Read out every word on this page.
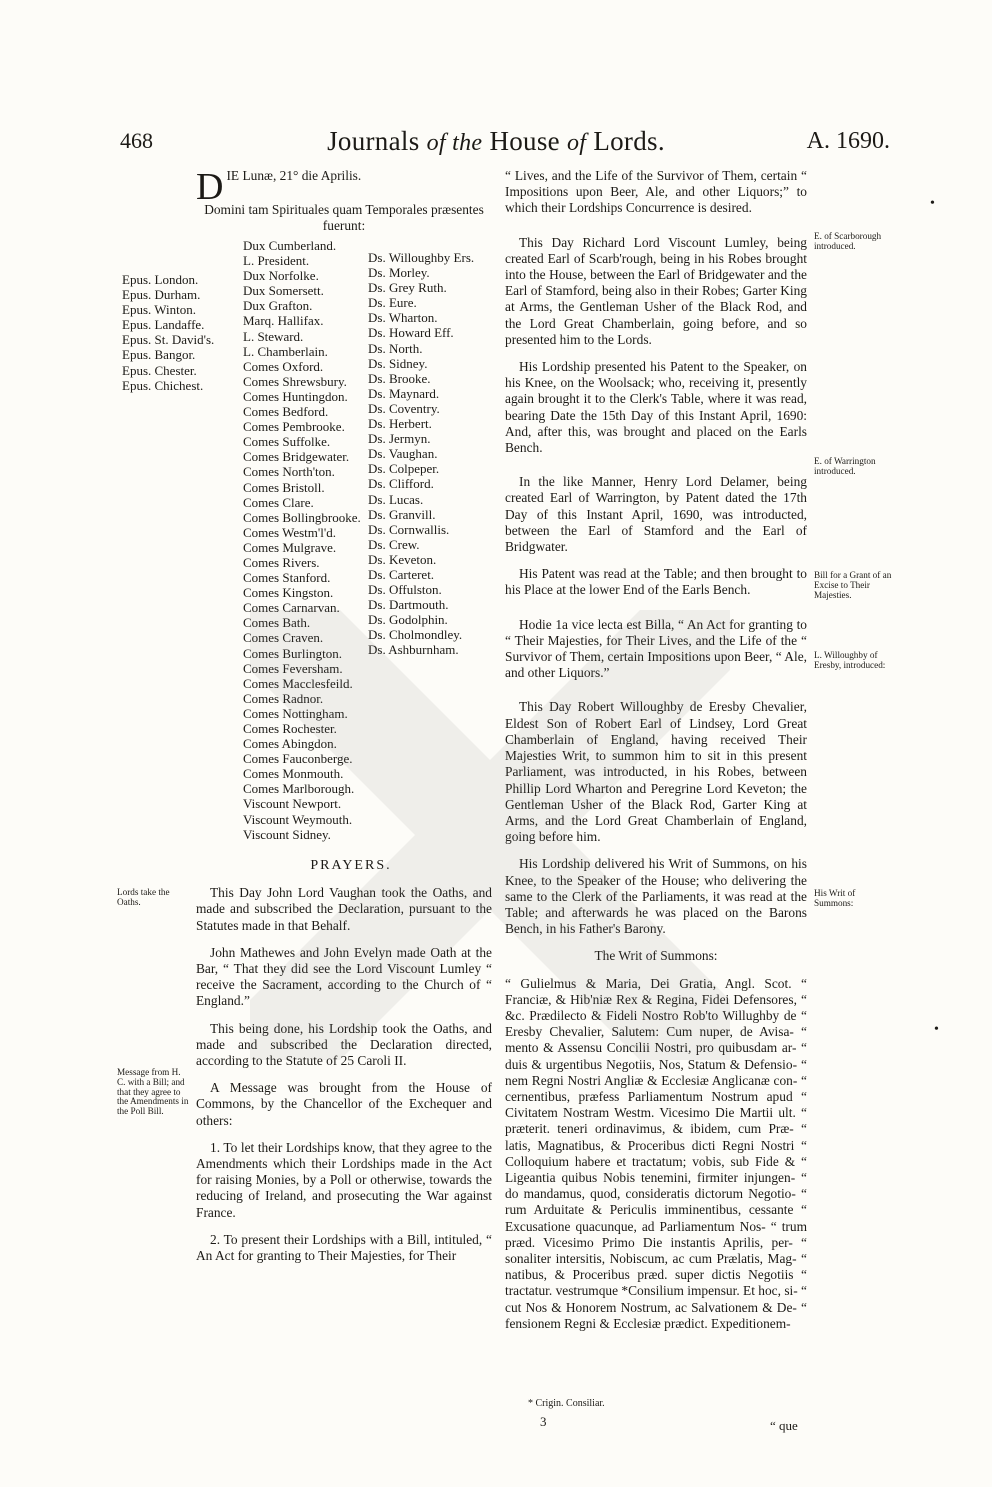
468	Journals of the House of Lords.	A. 1690.

DIE Lunæ, 21° die Aprilis.

Domini tam Spirituales quam Temporales præsentes fuerunt:

Epus. London.
Epus. Durham.
Epus. Winton.
Epus. Landaffe.
Epus. St. David's.
Epus. Bangor.
Epus. Chester.
Epus. Chichest.
Dux Cumberland.
L. President.
Dux Norfolke.
Dux Somersett.
Dux Grafton.
Marq. Hallifax.
L. Steward.
L. Chamberlain.
Comes Oxford.
Comes Shrewsbury.
Comes Huntingdon.
Comes Bedford.
Comes Pembrooke.
Comes Suffolke.
Comes Bridgewater.
Comes North'ton.
Comes Bristoll.
Comes Clare.
Comes Bollingbrooke.
Comes Westm'l'd.
Comes Mulgrave.
Comes Rivers.
Comes Stanford.
Comes Kingston.
Comes Carnarvan.
Comes Bath.
Comes Craven.
Comes Burlington.
Comes Feversham.
Comes Macclesfeild.
Comes Radnor.
Comes Nottingham.
Comes Rochester.
Comes Abingdon.
Comes Fauconberge.
Comes Monmouth.
Comes Marlborough.
Viscount Newport.
Viscount Weymouth.
Viscount Sidney.
Ds. Willoughby Ers.
Ds. Morley.
Ds. Grey Ruth.
Ds. Eure.
Ds. Wharton.
Ds. Howard Eff.
Ds. North.
Ds. Sidney.
Ds. Brooke.
Ds. Maynard.
Ds. Coventry.
Ds. Herbert.
Ds. Jermyn.
Ds. Vaughan.
Ds. Colpeper.
Ds. Clifford.
Ds. Lucas.
Ds. Granvill.
Ds. Cornwallis.
Ds. Crew.
Ds. Keveton.
Ds. Carteret.
Ds. Offulston.
Ds. Dartmouth.
Ds. Godolphin.
Ds. Cholmondley.
Ds. Ashburnham.

PRAYERS.

This Day John Lord Vaughan took the Oaths, and made and subscribed the Declaration, pursuant to the Statutes made in that Behalf.

John Mathewes and John Evelyn made Oath at the Bar, “ That they did see the Lord Viscount Lumley “ receive the Sacrament, according to the Church of “ England.”

This being done, his Lordship took the Oaths, and made and subscribed the Declaration directed, according to the Statute of 25 Caroli II.

A Message was brought from the House of Commons, by the Chancellor of the Exchequer and others:

1. To let their Lordships know, that they agree to the Amendments which their Lordships made in the Act for raising Monies, by a Poll or otherwise, towards the reducing of Ireland, and prosecuting the War against France.

2. To present their Lordships with a Bill, intituled, “ An Act for granting to Their Majesties, for Their

“ Lives, and the Life of the Survivor of Them, certain “ Impositions upon Beer, Ale, and other Liquors;” to which their Lordships Concurrence is desired.

This Day Richard Lord Viscount Lumley, being created Earl of Scarb'rough, being in his Robes brought into the House, between the Earl of Bridgewater and the Earl of Stamford, being also in their Robes; Garter King at Arms, the Gentleman Usher of the Black Rod, and the Lord Great Chamberlain, going before, and so presented him to the Lords.

His Lordship presented his Patent to the Speaker, on his Knee, on the Woolsack; who, receiving it, presently again brought it to the Clerk's Table, where it was read, bearing Date the 15th Day of this Instant April, 1690: And, after this, was brought and placed on the Earls Bench.

In the like Manner, Henry Lord Delamer, being created Earl of Warrington, by Patent dated the 17th Day of this Instant April, 1690, was introducted, between the Earl of Stamford and the Earl of Bridgwater.

His Patent was read at the Table; and then brought to his Place at the lower End of the Earls Bench.

Hodie 1a vice lecta est Billa, “ An Act for granting to “ Their Majesties, for Their Lives, and the Life of the “ Survivor of Them, certain Impositions upon Beer, “ Ale, and other Liquors.”

This Day Robert Willoughby de Eresby Chevalier, Eldest Son of Robert Earl of Lindsey, Lord Great Chamberlain of England, having received Their Majesties Writ, to summon him to sit in this present Parliament, was introducted, in his Robes, between Phillip Lord Wharton and Peregrine Lord Keveton; the Gentleman Usher of the Black Rod, Garter King at Arms, and the Lord Great Chamberlain of England, going before him.

His Lordship delivered his Writ of Summons, on his Knee, to the Speaker of the House; who delivering the same to the Clerk of the Parliaments, it was read at the Table; and afterwards he was placed on the Barons Bench, in his Father's Barony.

The Writ of Summons:

“ Gulielmus & Maria, Dei Gratia, Angl. Scot. “ Franciæ, & Hib'niæ Rex & Regina, Fidei Defensores, “ &c. Prædilecto & Fideli Nostro Rob'to Willughby de “ Eresby Chevalier, Salutem: Cum nuper, de Avisa- “ mento & Assensu Concilii Nostri, pro quibusdam ar- “ duis & urgentibus Negotiis, Nos, Statum & Defensio- “ nem Regni Nostri Angliæ & Ecclesiæ Anglicanæ con- “ cernentibus, præfess Parliamentum Nostrum apud “ Civitatem Nostram Westm. Vicesimo Die Martii ult. “ præterit. teneri ordinavimus, & ibidem, cum Præ- “ latis, Magnatibus, & Proceribus dicti Regni Nostri “ Colloquium habere et tractatum; vobis, sub Fide & “ Ligeantia quibus Nobis tenemini, firmiter injungen- “ do mandamus, quod, consideratis dictorum Negotio- “ rum Arduitate & Periculis imminentibus, cessante “ Excusatione quacunque, ad Parliamentum Nos- “ trum præd. Vicesimo Primo Die instantis Aprilis, per- “ sonaliter intersitis, Nobiscum, ac cum Prælatis, Mag- “ natibus, & Proceribus præd. super dictis Negotiis “ tractatur. vestrumque *Consilium impensur. Et hoc, si- “ cut Nos & Honorem Nostrum, ac Salvationem & De- “ fensionem Regni & Ecclesiæ prædict. Expeditionem-

* Crigin. Consiliar.
3	“ que
Lords take the Oaths.
Message from H. C. with a Bill; and that they agree to the Amendments in the Poll Bill.
E. of Scarborough introduced.
E. of Warrington introduced.
Bill for a Grant of an Excise to Their Majesties.
L. Willoughby of Eresby, introduced:
His Writ of Summons:
•
•
